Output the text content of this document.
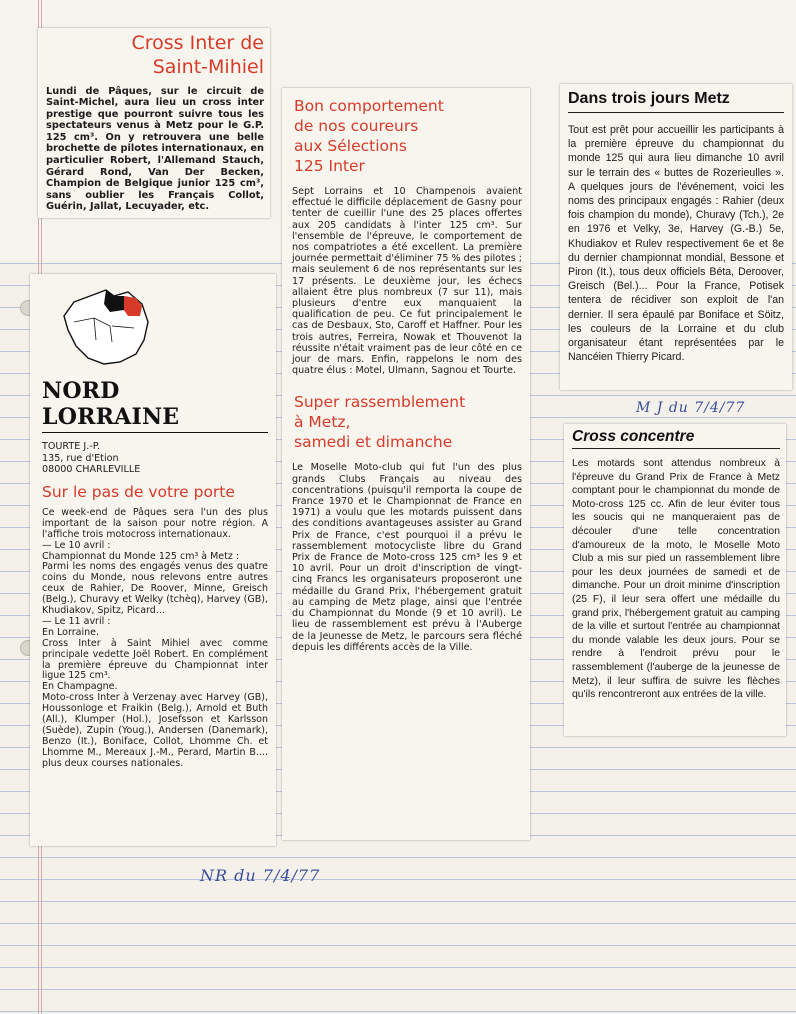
Cross Inter de

Saint-Mihiel

Lundi de Pâques, sur le circuit de Saint-Michel, aura lieu un cross inter prestige que pourront suivre tous les spectateurs venus à Metz pour le G.P. 125 cm³. On y retrouvera une belle brochette de pilotes internationaux, en particulier Robert, l'Allemand Stauch, Gérard Rond, Van Der Becken, Champion de Belgique junior 125 cm³, sans oublier les Français Collot, Guérin, Jallat, Lecuyader, etc.

NORD LORRAINE

TOURTE J.-P.

135, rue d'Etion

08000 CHARLEVILLE

Sur le pas de votre porte

Ce week-end de Pâques sera l'un des plus important de la saison pour notre région. A l'affiche trois motocross internationaux.
— Le 10 avril :
Championnat du Monde 125 cm³ à Metz :
Parmi les noms des engagés venus des quatre coins du Monde, nous relevons entre autres ceux de Rahier, De Roover, Minne, Greisch (Belg.), Churavy et Welky (tchèq), Harvey (GB), Khudiakov, Spitz, Picard...
— Le 11 avril :
En Lorraine.
Cross Inter à Saint Mihiel avec comme principale vedette Joël Robert. En complément la première épreuve du Championnat inter ligue 125 cm³.
En Champagne.
Moto-cross Inter à Verzenay avec Harvey (GB), Houssonloge et Fraikin (Belg.), Arnold et Buth (All.), Klumper (Hol.), Josefsson et Karlsson (Suède), Zupin (Youg.), Andersen (Danemark), Benzo (It.), Boniface, Collot, Lhomme Ch. et Lhomme M., Mereaux J.-M., Perard, Martin B.... plus deux courses nationales.

Bon comportement

de nos coureurs

aux Sélections

125 Inter

Sept Lorrains et 10 Champenois avaient effectué le difficile déplacement de Gasny pour tenter de cueillir l'une des 25 places offertes aux 205 candidats à l'inter 125 cm³. Sur l'ensemble de l'épreuve, le comportement de nos compatriotes a été excellent. La première journée permettait d'éliminer 75 % des pilotes ; mais seulement 6 de nos représentants sur les 17 présents. Le deuxième jour, les échecs allaient être plus nombreux (7 sur 11), mais plusieurs d'entre eux manquaient la qualification de peu. Ce fut principalement le cas de Desbaux, Sto, Caroff et Haffner. Pour les trois autres, Ferreira, Nowak et Thouvenot la réussite n'était vraiment pas de leur côté en ce jour de mars. Enfin, rappelons le nom des quatre élus : Motel, Ulmann, Sagnou et Tourte.

Super rassemblement

à Metz,

samedi et dimanche

Le Moselle Moto-club qui fut l'un des plus grands Clubs Français au niveau des concentrations (puisqu'il remporta la coupe de France 1970 et le Championnat de France en 1971) a voulu que les motards puissent dans des conditions avantageuses assister au Grand Prix de France, c'est pourquoi il a prévu le rassemblement motocycliste libre du Grand Prix de France de Moto-cross 125 cm³ les 9 et 10 avril. Pour un droit d'inscription de vingt-cinq Francs les organisateurs proposeront une médaille du Grand Prix, l'hébergement gratuit au camping de Metz plage, ainsi que l'entrée du Championnat du Monde (9 et 10 avril). Le lieu de rassemblement est prévu à l'Auberge de la Jeunesse de Metz, le parcours sera fléché depuis les différents accès de la Ville.

Dans trois jours Metz

Tout est prêt pour accueillir les participants à la première épreuve du championnat du monde 125 qui aura lieu dimanche 10 avril sur le terrain des « buttes de Rozerieulles ». A quelques jours de l'événement, voici les noms des principaux engagés : Rahier (deux fois champion du monde), Churavy (Tch.), 2e en 1976 et Velky, 3e, Harvey (G.-B.) 5e, Khudiakov et Rulev respectivement 6e et 8e du dernier championnat mondial, Bessone et Piron (It.), tous deux officiels Béta, Deroover, Greisch (Bel.)... Pour la France, Potisek tentera de récidiver son exploit de l'an dernier. Il sera épaulé par Boniface et Söitz, les couleurs de la Lorraine et du club organisateur étant représentées par le Nancéien Thierry Picard.

M J du 7/4/77

Cross concentre

Les motards sont attendus nombreux à l'épreuve du Grand Prix de France à Metz comptant pour le championnat du monde de Moto-cross 125 cc. Afin de leur éviter tous les soucis qui ne manqueraient pas de découler d'une telle concentration d'amoureux de la moto, le Moselle Moto Club a mis sur pied un rassemblement libre pour les deux journées de samedi et de dimanche. Pour un droit minime d'inscription (25 F), il leur sera offert une médaille du grand prix, l'hébergement gratuit au camping de la ville et surtout l'entrée au championnat du monde valable les deux jours. Pour se rendre à l'endroit prévu pour le rassemblement (l'auberge de la jeunesse de Metz), il leur suffira de suivre les flèches qu'ils rencontreront aux entrées de la ville.

NR du 7/4/77
